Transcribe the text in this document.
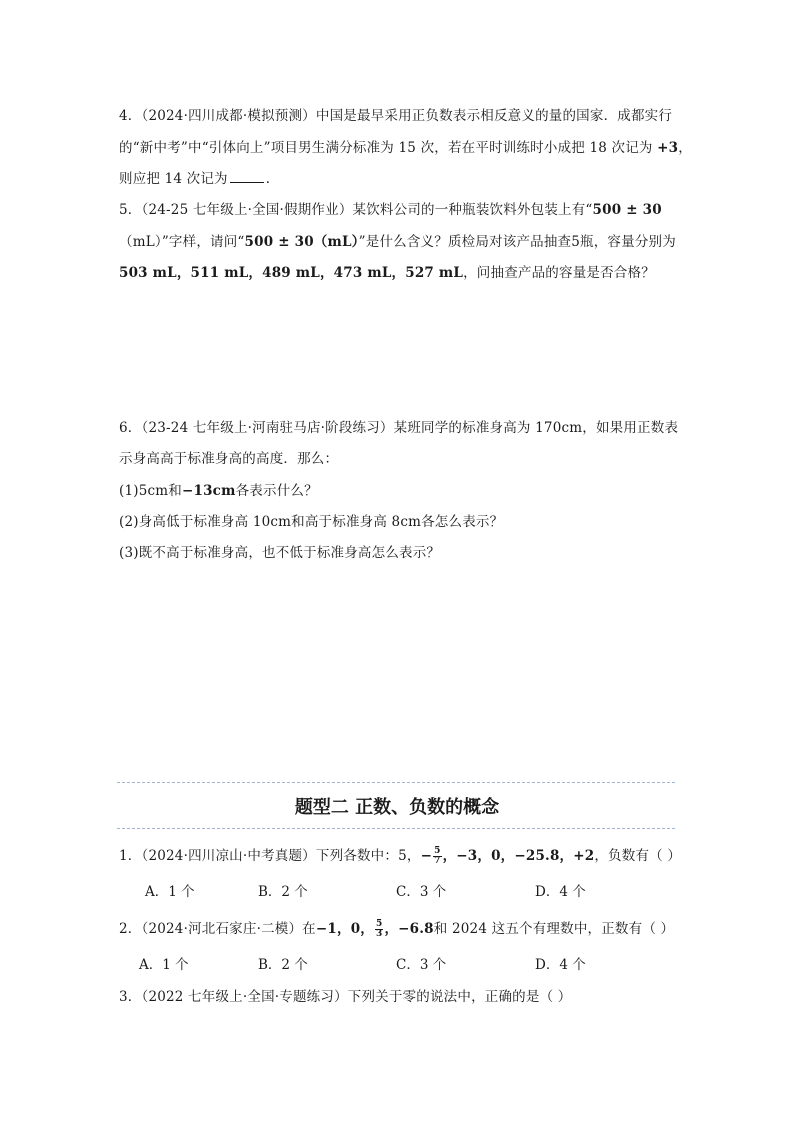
4．（2024·四川成都·模拟预测）中国是最早采用正负数表示相反意义的量的国家．成都实行
的“新中考”中“引体向上”项目男生满分标准为 15 次，若在平时训练时小成把 18 次记为 +3，
则应把 14 次记为	．
5．（24-25 七年级上·全国·假期作业）某饮料公司的一种瓶装饮料外包装上有“500 ± 30
（mL）”字样，请问“500 ± 30（mL）”是什么含义？质检局对该产品抽查5瓶，容量分别为
503 mL，511 mL，489 mL，473 mL，527 mL，问抽查产品的容量是否合格？
6．（23-24 七年级上·河南驻马店·阶段练习）某班同学的标准身高为 170cm，如果用正数表
示身高高于标准身高的高度．那么：
(1)5cm和−13cm各表示什么？
(2)身高低于标准身高 10cm和高于标准身高 8cm各怎么表示？
(3)既不高于标准身高，也不低于标准身高怎么表示？
题型二 正数、负数的概念
1．（2024·四川凉山·中考真题）下列各数中：5，− $\frac{5}{7}$ ，−3，0，−25.8，+2，负数有（ ）
A．1 个	B．2 个	C．3 个	D．4 个
2．（2024·河北石家庄·二模）在−1，0， $\frac{5}{3}$ ，−6.8和 2024 这五个有理数中，正数有（ ）
A．1 个	B．2 个	C．3 个	D．4 个
3．（2022 七年级上·全国·专题练习）下列关于零的说法中，正确的是（ ）
